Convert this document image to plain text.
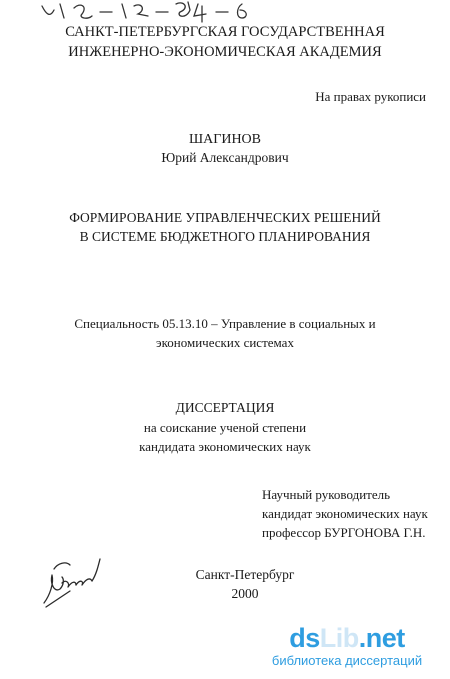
САНКТ-ПЕТЕРБУРГСКАЯ ГОСУДАРСТВЕННАЯ
ИНЖЕНЕРНО-ЭКОНОМИЧЕСКАЯ АКАДЕМИЯ
На правах рукописи
ШАГИНОВ
Юрий Александрович
ФОРМИРОВАНИЕ УПРАВЛЕНЧЕСКИХ РЕШЕНИЙ
В СИСТЕМЕ БЮДЖЕТНОГО ПЛАНИРОВАНИЯ
Специальность 05.13.10 – Управление в социальных и
экономических системах
ДИССЕРТАЦИЯ
на соискание ученой степени
кандидата экономических наук
Научный руководитель
кандидат экономических наук
профессор БУРГОНОВА Г.Н.
Санкт-Петербург
2000
dsLib.net
библиотека диссертаций
